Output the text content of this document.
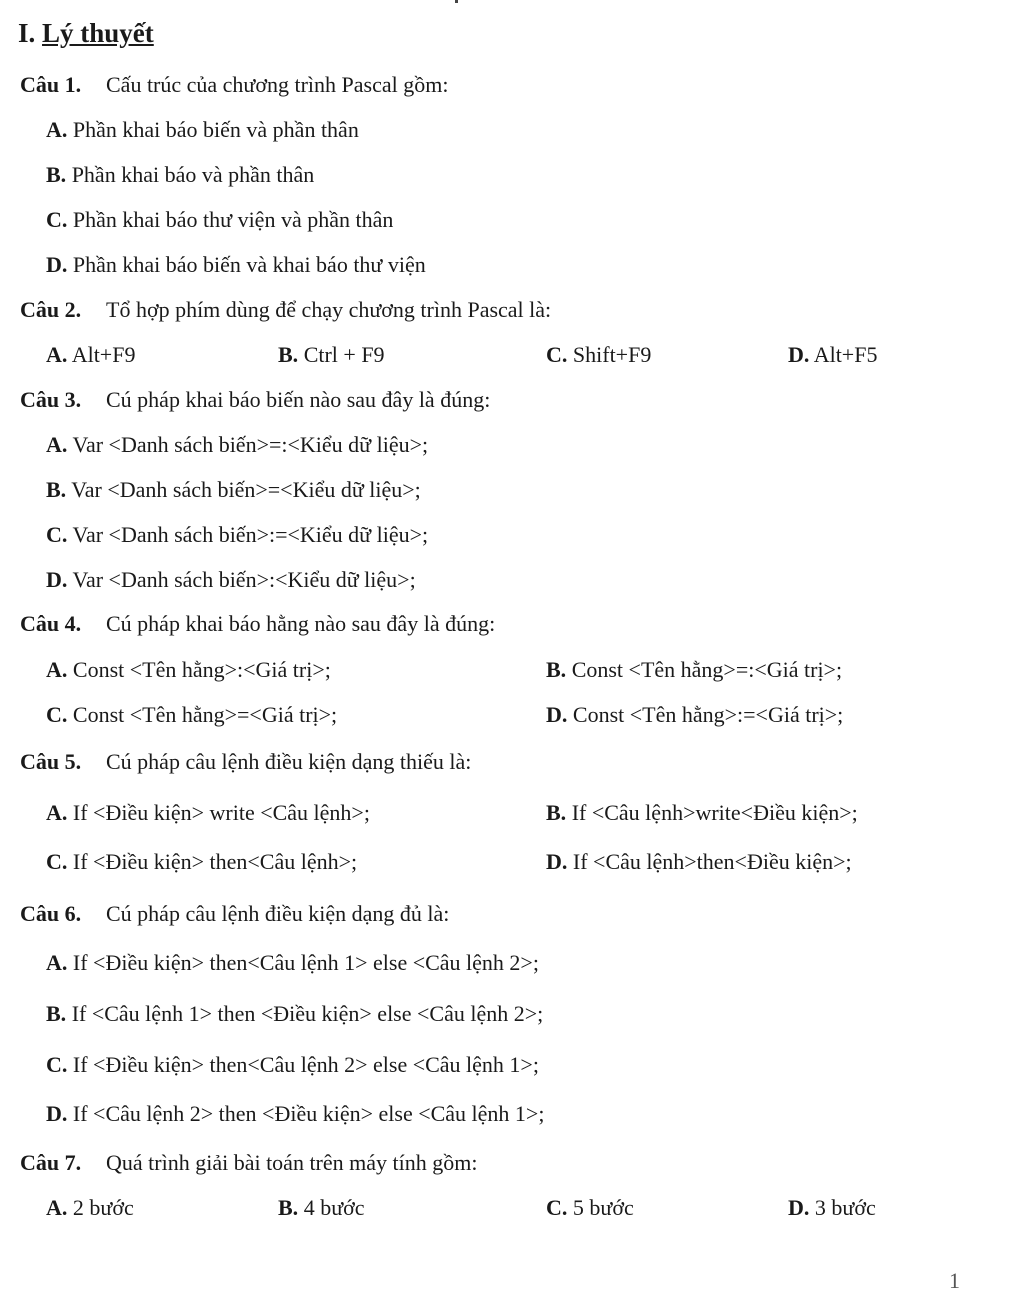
I. Lý thuyết
Câu 1. Cấu trúc của chương trình Pascal gồm:
A. Phần khai báo biến và phần thân
B. Phần khai báo và phần thân
C. Phần khai báo thư viện và phần thân
D. Phần khai báo biến và khai báo thư viện
Câu 2. Tổ hợp phím dùng để chạy chương trình Pascal là:
A. Alt+F9	B. Ctrl + F9	C. Shift+F9	D. Alt+F5
Câu 3. Cú pháp khai báo biến nào sau đây là đúng:
A. Var <Danh sách biến>=:<Kiểu dữ liệu>;
B. Var <Danh sách biến>=<Kiểu dữ liệu>;
C. Var <Danh sách biến>:=<Kiểu dữ liệu>;
D. Var <Danh sách biến>:<Kiểu dữ liệu>;
Câu 4. Cú pháp khai báo hằng nào sau đây là đúng:
A. Const <Tên hằng>:<Giá trị>;	B. Const <Tên hằng>=:<Giá trị>;
C. Const <Tên hằng>=<Giá trị>;	D. Const <Tên hằng>:=<Giá trị>;
Câu 5. Cú pháp câu lệnh điều kiện dạng thiếu là:
A. If <Điều kiện> write <Câu lệnh>;	B. If <Câu lệnh>write<Điều kiện>;
C. If <Điều kiện> then<Câu lệnh>;	D. If <Câu lệnh>then<Điều kiện>;
Câu 6. Cú pháp câu lệnh điều kiện dạng đủ là:
A. If <Điều kiện> then<Câu lệnh 1> else <Câu lệnh 2>;
B. If <Câu lệnh 1> then <Điều kiện> else <Câu lệnh 2>;
C. If <Điều kiện> then<Câu lệnh 2> else <Câu lệnh 1>;
D. If <Câu lệnh 2> then <Điều kiện> else <Câu lệnh 1>;
Câu 7. Quá trình giải bài toán trên máy tính gồm:
A. 2 bước	B. 4 bước	C. 5 bước	D. 3 bước
1
